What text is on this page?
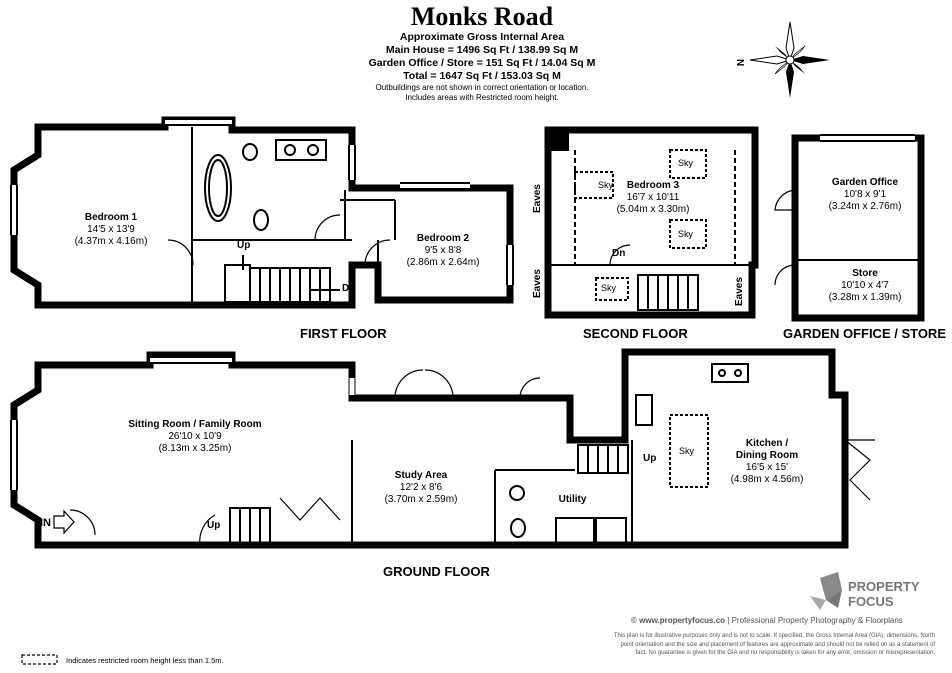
Monks Road
Approximate Gross Internal Area
Main House = 1496 Sq Ft / 138.99 Sq M
Garden Office / Store = 151 Sq Ft / 14.04 Sq M
Total = 1647 Sq Ft / 153.03 Sq M
Outbuildings are not shown in correct orientation or location.
Includes areas with Restricted room height.
N
Bedroom 1
14'5 x 13'9
(4.37m x 4.16m)	Bedroom 2
9'5 x 8'8
(2.86m x 2.64m)
Up
Dn
FIRST FLOOR
Bedroom 3
16'7 x 10'11
(5.04m x 3.30m)
Sky
Sky
Sky
Sky
Dn
Eaves
Eaves	Eaves
SECOND FLOOR
Garden Office
10'8 x 9'1
(3.24m x 2.76m)
Store
10'10 x 4'7
(3.28m x 1.39m)
GARDEN OFFICE / STORE
Sitting Room / Family Room
26'10 x 10'9
(8.13m x 3.25m)
Study Area
12'2 x 8'6
(3.70m x 2.59m)	Utility
Kitchen /
Dining Room
16'5 x 15'
(4.98m x 4.56m)
Sky
Up
Up
IN
GROUND FLOOR
PROPERTY
FOCUS
© www.propertyfocus.co | Professional Property Photography & Floorplans
This plan is for illustrative purposes only and is not to scale. If specified, the Gross Internal Area (GIA), dimensions, North
point orientation and the size and placement of features are approximate and should not be relied on as a statement of
fact. No guarantee is given for the GIA and no responsibility is taken for any error, omission or misrepresentation.
Indicates restricted room height less than 1.5m.
